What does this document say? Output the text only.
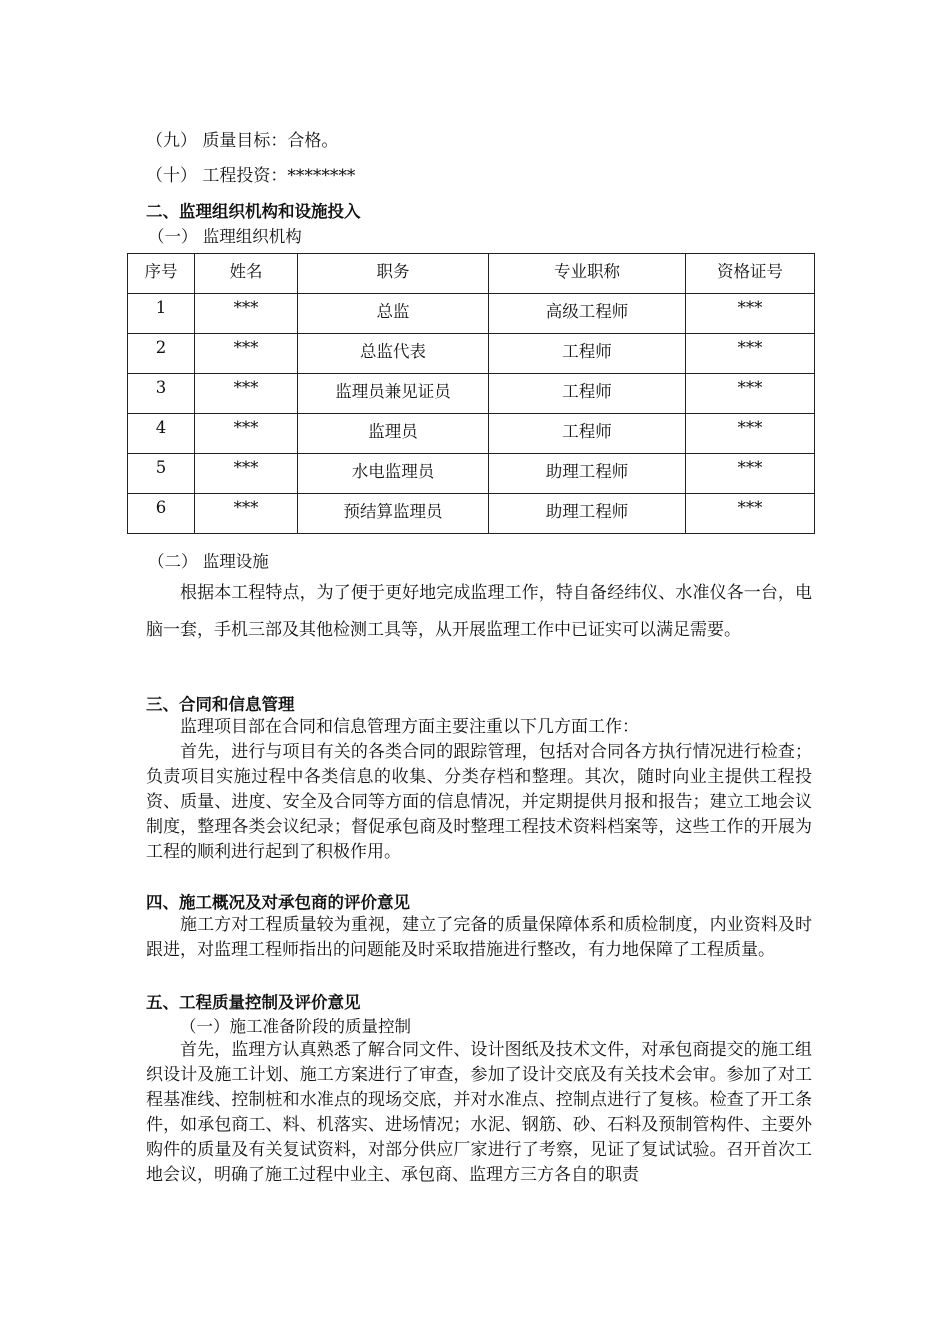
（九） 质量目标：合格。
（十） 工程投资：********
二、监理组织机构和设施投入
（一） 监理组织机构
序号	姓名	职务	专业职称	资格证号
1	***	总监	高级工程师	***
2	***	总监代表	工程师	***
3	***	监理员兼见证员	工程师	***
4	***	监理员	工程师	***
5	***	水电监理员	助理工程师	***
6	***	预结算监理员	助理工程师	***
（二） 监理设施

根据本工程特点，为了便于更好地完成监理工作，特自备经纬仪、水准仪各一台，电脑一套，手机三部及其他检测工具等，从开展监理工作中已证实可以满足需要。

三、合同和信息管理

监理项目部在合同和信息管理方面主要注重以下几方面工作：

首先，进行与项目有关的各类合同的跟踪管理，包括对合同各方执行情况进行检查；负责项目实施过程中各类信息的收集、分类存档和整理。其次，随时向业主提供工程投资、质量、进度、安全及合同等方面的信息情况，并定期提供月报和报告；建立工地会议制度，整理各类会议纪录；督促承包商及时整理工程技术资料档案等，这些工作的开展为工程的顺利进行起到了积极作用。

四、施工概况及对承包商的评价意见

施工方对工程质量较为重视，建立了完备的质量保障体系和质检制度，内业资料及时跟进，对监理工程师指出的问题能及时采取措施进行整改，有力地保障了工程质量。

五、工程质量控制及评价意见
（一）施工准备阶段的质量控制

首先，监理方认真熟悉了解合同文件、设计图纸及技术文件，对承包商提交的施工组织设计及施工计划、施工方案进行了审查，参加了设计交底及有关技术会审。参加了对工程基准线、控制桩和水准点的现场交底，并对水准点、控制点进行了复核。检查了开工条件，如承包商工、料、机落实、进场情况；水泥、钢筋、砂、石料及预制管构件、主要外购件的质量及有关复试资料，对部分供应厂家进行了考察，见证了复试试验。召开首次工地会议，明确了施工过程中业主、承包商、监理方三方各自的职责
